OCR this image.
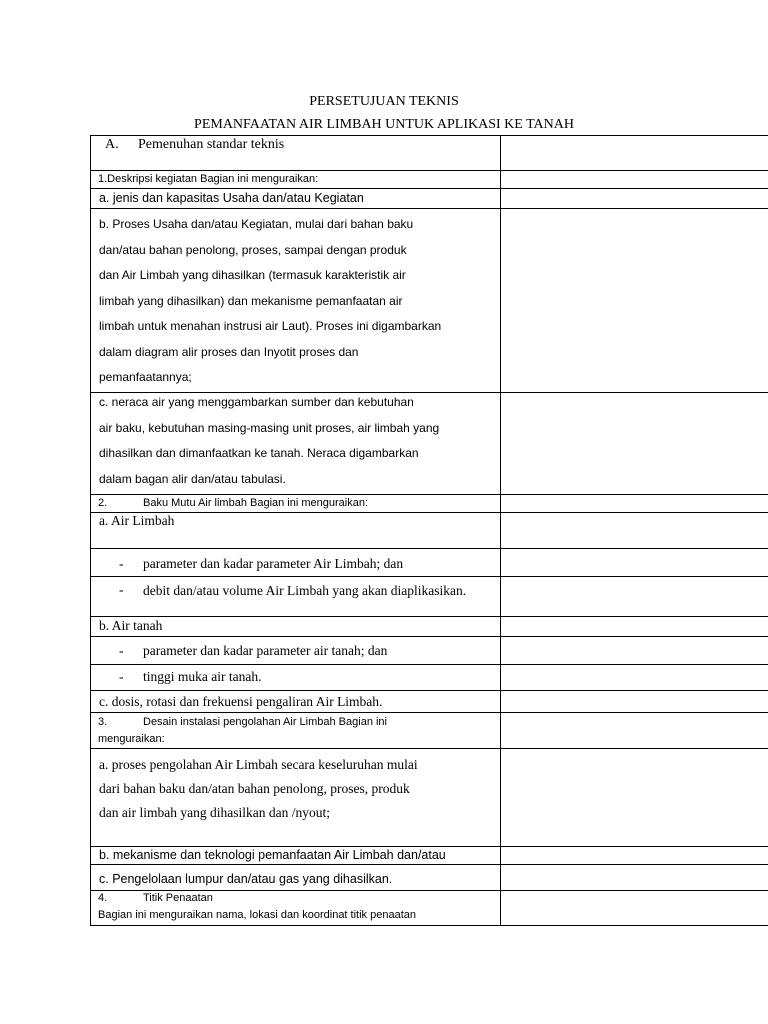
PERSETUJUAN TEKNIS
PEMANFAATAN AIR LIMBAH UNTUK APLIKASI KE TANAH
A. Pemenuhan standar teknis
1.Deskripsi kegiatan Bagian ini menguraikan:
a. jenis dan kapasitas Usaha dan/atau Kegiatan
b. Proses Usaha dan/atau Kegiatan, mulai dari bahan baku
dan/atau bahan penolong, proses, sampai dengan produk
dan Air Limbah yang dihasilkan (termasuk karakteristik air
limbah yang dihasilkan) dan mekanisme pemanfaatan air
limbah untuk menahan instrusi air Laut). Proses ini digambarkan
dalam diagram alir proses dan Inyotit proses dan
pemanfaatannya;
c. neraca air yang menggambarkan sumber dan kebutuhan
air baku, kebutuhan masing-masing unit proses, air limbah yang
dihasilkan dan dimanfaatkan ke tanah. Neraca digambarkan
dalam bagan alir dan/atau tabulasi.
2.	Baku Mutu Air limbah Bagian ini menguraikan:
a. Air Limbah
- parameter dan kadar parameter Air Limbah; dan
- debit dan/atau volume Air Limbah yang akan diaplikasikan.
b. Air tanah
- parameter dan kadar parameter air tanah; dan
- tinggi muka air tanah.
c. dosis, rotasi dan frekuensi pengaliran Air Limbah.
3.	Desain instalasi pengolahan Air Limbah Bagian ini
menguraikan:
a. proses pengolahan Air Limbah secara keseluruhan mulai
dari bahan baku dan/atan bahan penolong, proses, produk
dan air limbah yang dihasilkan dan /nyout;
b. mekanisme dan teknologi pemanfaatan Air Limbah dan/atau
c. Pengelolaan lumpur dan/atau gas yang dihasilkan.
4.	Titik Penaatan
Bagian ini menguraikan nama, lokasi dan koordinat titik penaatan
